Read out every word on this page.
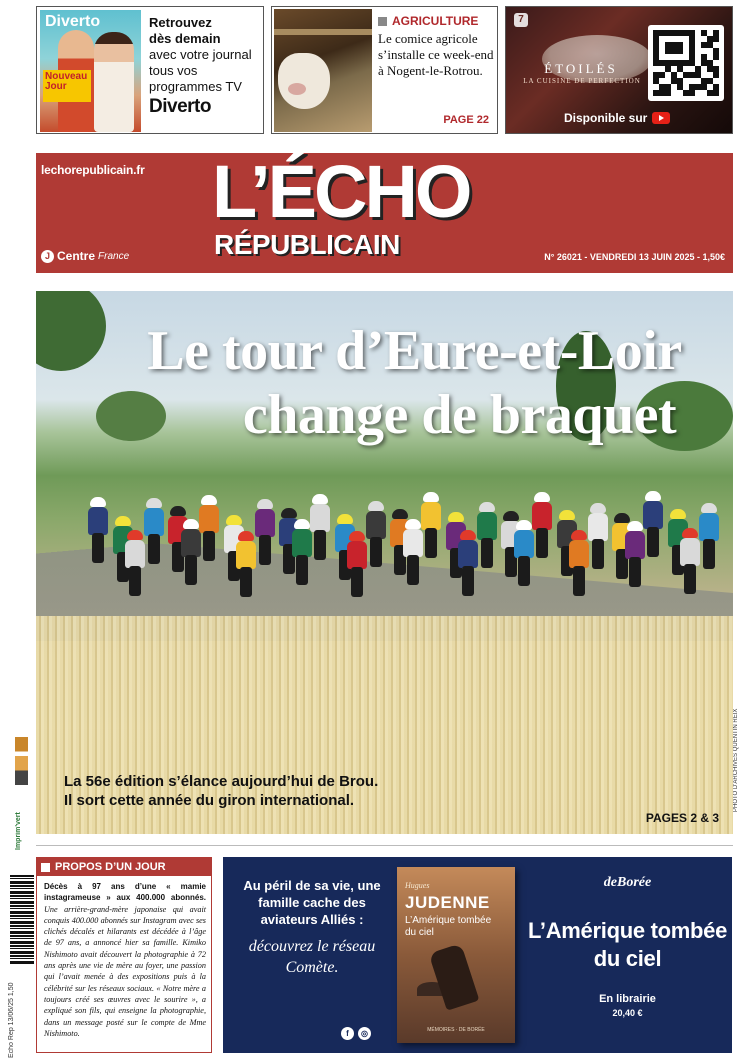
Diverto
Nouveau Jour
Retrouvez
dès demain
avec votre journal tous vos programmes TV
Diverto
AGRICULTURE
Le comice agricole s’installe ce week-end à Nogent-le-Rotrou.
PAGE 22
7
ÉTOILÉS
LA CUISINE DE PERFECTION
Disponible sur
lechorepublicain.fr L’ÉCHO
RÉPUBLICAIN
J Centre France	N° 26021 - VENDREDI 13 JUIN 2025 - 1,50€
Le tour d’Eure-et-Loir
change de braquet
La 56e édition s’élance aujourd’hui de Brou. Il sort cette année du giron international.
PAGES 2 & 3
PHOTO D'ARCHIVES QUENTIN REIX
Imprim'vert
Echo Rep 13/06/25 1,50
PROPOS D’UN JOUR
Décès à 97 ans d’une « mamie instagrameuse » aux 400.000 abonnés. Une arrière-grand-mère japonaise qui avait conquis 400.000 abonnés sur Instagram avec ses clichés décalés et hilarants est décédée à l’âge de 97 ans, a annoncé hier sa famille. Kimiko Nishimoto avait découvert la photographie à 72 ans après une vie de mère au foyer, une passion qui l’avait menée à des expositions puis à la célébrité sur les réseaux sociaux. « Notre mère a toujours créé ses œuvres avec le sourire », a expliqué son fils, qui enseigne la photographie, dans un message posté sur le compte de Mme Nishimoto.
Au péril de sa vie, une famille cache des aviateurs Alliés :
découvrez le réseau Comète.
f	◎
Hugues
JUDENNE
L’Amérique tombée du ciel
MÉMOIRES · DE BORÉE
deBorée
L’Amérique tombée du ciel
En librairie
20,40 €
